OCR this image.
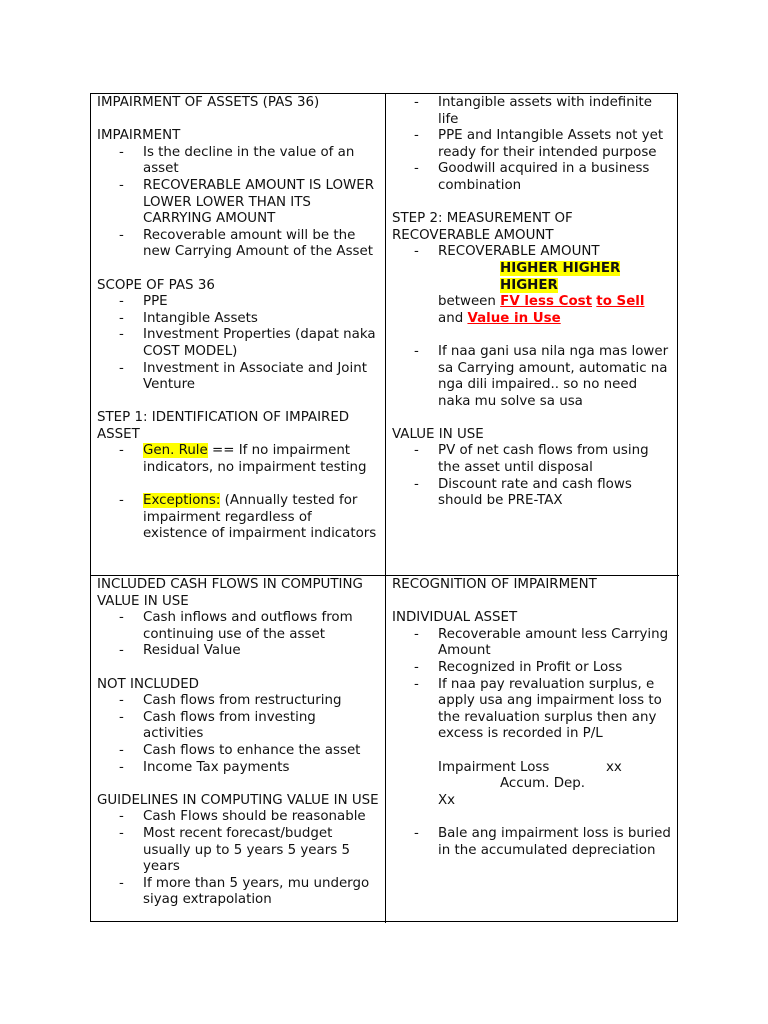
IMPAIRMENT OF ASSETS (PAS 36)

IMPAIRMENT

- Is the decline in the value of an asset
- RECOVERABLE AMOUNT IS LOWER LOWER LOWER THAN ITS CARRYING AMOUNT
- Recoverable amount will be the new Carrying Amount of the Asset

SCOPE OF PAS 36

- PPE
- Intangible Assets
- Investment Properties (dapat naka COST MODEL)
- Investment in Associate and Joint Venture

STEP 1: IDENTIFICATION OF IMPAIRED ASSET

- Gen. Rule == If no impairment indicators, no impairment testing
- Exceptions: (Annually tested for impairment regardless of existence of impairment indicators
- Intangible assets with indefinite life
- PPE and Intangible Assets not yet ready for their intended purpose
- Goodwill acquired in a business combination

STEP 2: MEASUREMENT OF RECOVERABLE AMOUNT

- RECOVERABLE AMOUNT

HIGHER HIGHER HIGHER

between FV less Cost to Sell

and Value in Use

- If naa gani usa nila nga mas lower sa Carrying amount, automatic na nga dili impaired.. so no need naka mu solve sa usa

VALUE IN USE

- PV of net cash flows from using the asset until disposal
- Discount rate and cash flows should be PRE-TAX

INCLUDED CASH FLOWS IN COMPUTING VALUE IN USE

- Cash inflows and outflows from continuing use of the asset
- Residual Value

NOT INCLUDED

- Cash flows from restructuring
- Cash flows from investing activities
- Cash flows to enhance the asset
- Income Tax payments

GUIDELINES IN COMPUTING VALUE IN USE

- Cash Flows should be reasonable
- Most recent forecast/budget usually up to 5 years 5 years 5 years
- If more than 5 years, mu undergo siyag extrapolation

RECOGNITION OF IMPAIRMENT

INDIVIDUAL ASSET

- Recoverable amount less Carrying Amount
- Recognized in Profit or Loss
- If naa pay revaluation surplus, e apply usa ang impairment loss to the revaluation surplus then any excess is recorded in P/L

Impairment Loss	xx

Accum. Dep.

Xx

- Bale ang impairment loss is buried in the accumulated depreciation
